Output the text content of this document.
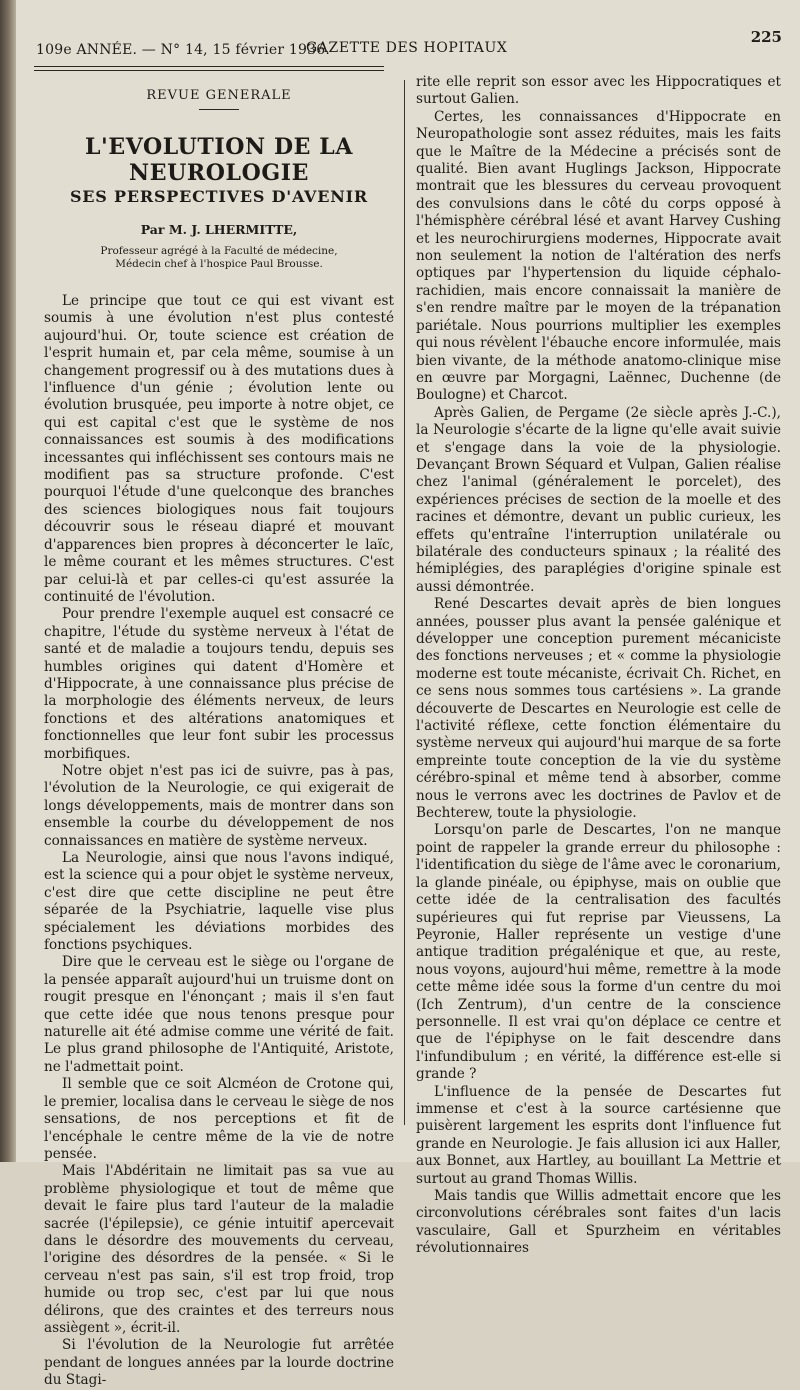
109e ANNÉE. — N° 14, 15 février 1936.
GAZETTE DES HOPITAUX
225
REVUE GENERALE
L'EVOLUTION DE LA NEUROLOGIE
SES PERSPECTIVES D'AVENIR
Par M. J. LHERMITTE,
Professeur agrégé à la Faculté de médecine,
Médecin chef à l'hospice Paul Brousse.

Le principe que tout ce qui est vivant est soumis à une évolution n'est plus contesté aujourd'hui. Or, toute science est création de l'esprit humain et, par cela même, soumise à un changement progressif ou à des mutations dues à l'influence d'un génie ; évolution lente ou évolution brusquée, peu importe à notre objet, ce qui est capital c'est que le système de nos connaissances est soumis à des modifications incessantes qui infléchissent ses contours mais ne modifient pas sa structure profonde. C'est pourquoi l'étude d'une quelconque des branches des sciences biologiques nous fait toujours découvrir sous le réseau diapré et mouvant d'apparences bien propres à déconcerter le laïc, le même courant et les mêmes structures. C'est par celui-là et par celles-ci qu'est assurée la continuité de l'évolution.

Pour prendre l'exemple auquel est consacré ce chapitre, l'étude du système nerveux à l'état de santé et de maladie a toujours tendu, depuis ses humbles origines qui datent d'Homère et d'Hippocrate, à une connaissance plus précise de la morphologie des éléments nerveux, de leurs fonctions et des altérations anatomiques et fonctionnelles que leur font subir les processus morbifiques.

Notre objet n'est pas ici de suivre, pas à pas, l'évolution de la Neurologie, ce qui exigerait de longs développements, mais de montrer dans son ensemble la courbe du développement de nos connaissances en matière de système nerveux.

La Neurologie, ainsi que nous l'avons indiqué, est la science qui a pour objet le système nerveux, c'est dire que cette discipline ne peut être séparée de la Psychiatrie, laquelle vise plus spécialement les déviations morbides des fonctions psychiques.

Dire que le cerveau est le siège ou l'organe de la pensée apparaît aujourd'hui un truisme dont on rougit presque en l'énonçant ; mais il s'en faut que cette idée que nous tenons presque pour naturelle ait été admise comme une vérité de fait. Le plus grand philosophe de l'Antiquité, Aristote, ne l'admettait point.

Il semble que ce soit Alcméon de Crotone qui, le premier, localisa dans le cerveau le siège de nos sensations, de nos perceptions et fit de l'encéphale le centre même de la vie de notre pensée.

Mais l'Abdéritain ne limitait pas sa vue au problème physiologique et tout de même que devait le faire plus tard l'auteur de la maladie sacrée (l'épilepsie), ce génie intuitif apercevait dans le désordre des mouvements du cerveau, l'origine des désordres de la pensée. « Si le cerveau n'est pas sain, s'il est trop froid, trop humide ou trop sec, c'est par lui que nous délirons, que des craintes et des terreurs nous assiègent », écrit-il.

Si l'évolution de la Neurologie fut arrêtée pendant de longues années par la lourde doctrine du Stagi-

rite elle reprit son essor avec les Hippocratiques et surtout Galien.

Certes, les connaissances d'Hippocrate en Neuropathologie sont assez réduites, mais les faits que le Maître de la Médecine a précisés sont de qualité. Bien avant Huglings Jackson, Hippocrate montrait que les blessures du cerveau provoquent des convulsions dans le côté du corps opposé à l'hémisphère cérébral lésé et avant Harvey Cushing et les neurochirurgiens modernes, Hippocrate avait non seulement la notion de l'altération des nerfs optiques par l'hypertension du liquide céphalo-rachidien, mais encore connaissait la manière de s'en rendre maître par le moyen de la trépanation pariétale. Nous pourrions multiplier les exemples qui nous révèlent l'ébauche encore informulée, mais bien vivante, de la méthode anatomo-clinique mise en œuvre par Morgagni, Laënnec, Duchenne (de Boulogne) et Charcot.

Après Galien, de Pergame (2e siècle après J.-C.), la Neurologie s'écarte de la ligne qu'elle avait suivie et s'engage dans la voie de la physiologie. Devançant Brown Séquard et Vulpan, Galien réalise chez l'animal (généralement le porcelet), des expériences précises de section de la moelle et des racines et démontre, devant un public curieux, les effets qu'entraîne l'interruption unilatérale ou bilatérale des conducteurs spinaux ; la réalité des hémiplégies, des paraplégies d'origine spinale est aussi démontrée.

René Descartes devait après de bien longues années, pousser plus avant la pensée galénique et développer une conception purement mécaniciste des fonctions nerveuses ; et « comme la physiologie moderne est toute mécaniste, écrivait Ch. Richet, en ce sens nous sommes tous cartésiens ». La grande découverte de Descartes en Neurologie est celle de l'activité réflexe, cette fonction élémentaire du système nerveux qui aujourd'hui marque de sa forte empreinte toute conception de la vie du système cérébro-spinal et même tend à absorber, comme nous le verrons avec les doctrines de Pavlov et de Bechterew, toute la physiologie.

Lorsqu'on parle de Descartes, l'on ne manque point de rappeler la grande erreur du philosophe : l'identification du siège de l'âme avec le coronarium, la glande pinéale, ou épiphyse, mais on oublie que cette idée de la centralisation des facultés supérieures qui fut reprise par Vieussens, La Peyronie, Haller représente un vestige d'une antique tradition prégalénique et que, au reste, nous voyons, aujourd'hui même, remettre à la mode cette même idée sous la forme d'un centre du moi (Ich Zentrum), d'un centre de la conscience personnelle. Il est vrai qu'on déplace ce centre et que de l'épiphyse on le fait descendre dans l'infundibulum ; en vérité, la différence est-elle si grande ?

L'influence de la pensée de Descartes fut immense et c'est à la source cartésienne que puisèrent largement les esprits dont l'influence fut grande en Neurologie. Je fais allusion ici aux Haller, aux Bonnet, aux Hartley, au bouillant La Mettrie et surtout au grand Thomas Willis.

Mais tandis que Willis admettait encore que les circonvolutions cérébrales sont faites d'un lacis vasculaire, Gall et Spurzheim en véritables révolutionnaires
